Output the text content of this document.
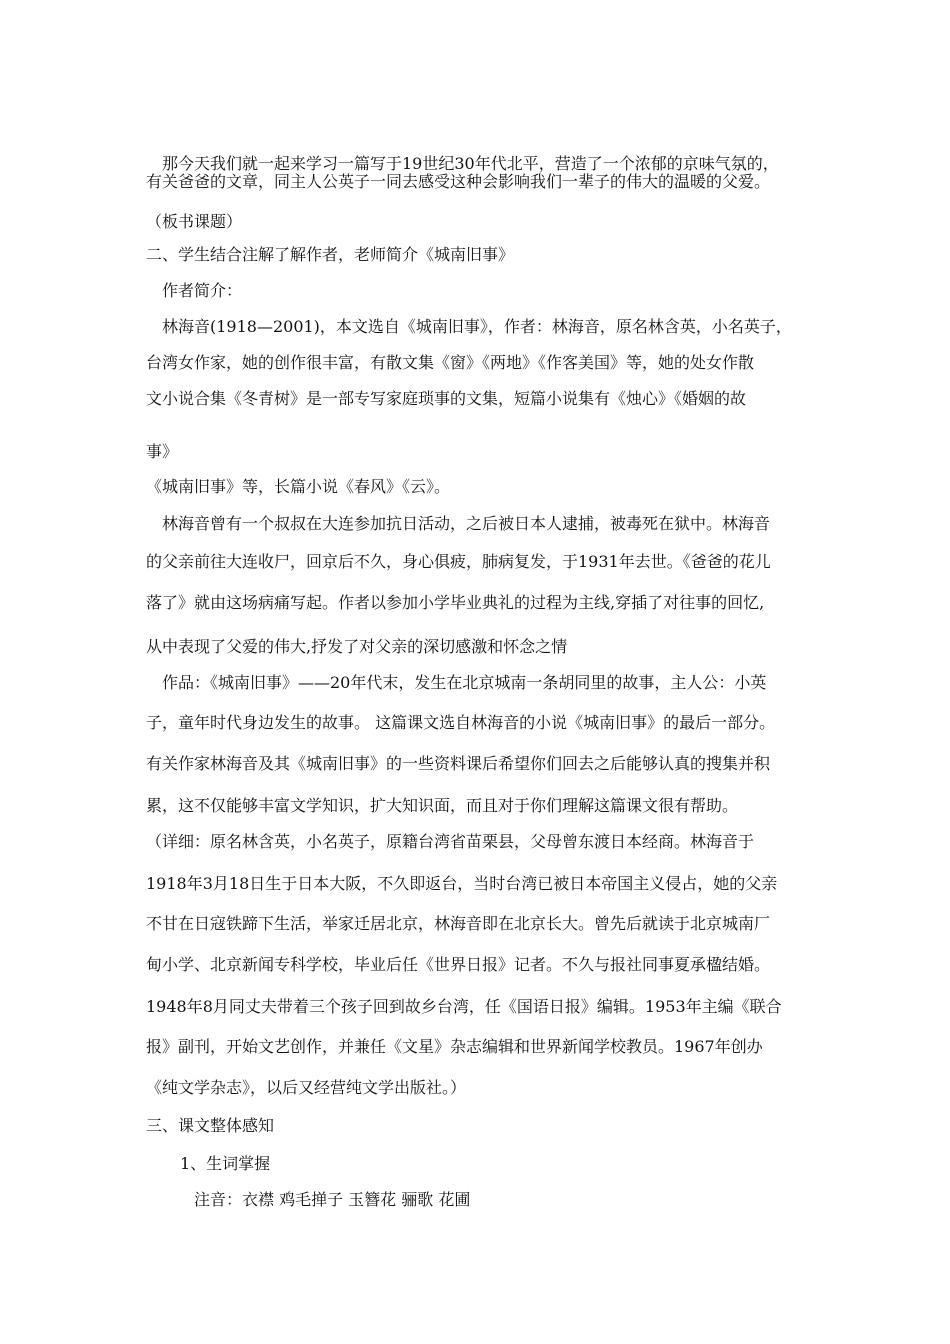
那今天我们就一起来学习一篇写于19世纪30年代北平，营造了一个浓郁的京味气氛的，
有关爸爸的文章，同主人公英子一同去感受这种会影响我们一辈子的伟大的温暖的父爱。
（板书课题）
二、学生结合注解了解作者，老师简介《城南旧事》
作者简介：
林海音(1918—2001)，本文选自《城南旧事》，作者：林海音，原名林含英，小名英子，
台湾女作家，她的创作很丰富，有散文集《窗》《两地》《作客美国》等，她的处女作散
文小说合集《冬青树》是一部专写家庭琐事的文集，短篇小说集有《烛心》《婚姻的故
事》
《城南旧事》等，长篇小说《春风》《云》。
林海音曾有一个叔叔在大连参加抗日活动，之后被日本人逮捕，被毒死在狱中。林海音
的父亲前往大连收尸，回京后不久，身心俱疲，肺病复发，于1931年去世。《爸爸的花儿
落了》就由这场病痛写起。作者以参加小学毕业典礼的过程为主线,穿插了对往事的回忆,
从中表现了父爱的伟大,抒发了对父亲的深切感激和怀念之情
作品：《城南旧事》——20年代末，发生在北京城南一条胡同里的故事，主人公：小英
子，童年时代身边发生的故事。 这篇课文选自林海音的小说《城南旧事》的最后一部分。
有关作家林海音及其《城南旧事》的一些资料课后希望你们回去之后能够认真的搜集并积
累，这不仅能够丰富文学知识，扩大知识面，而且对于你们理解这篇课文很有帮助。
（详细：原名林含英，小名英子，原籍台湾省苗栗县，父母曾东渡日本经商。林海音于
1918年3月18日生于日本大阪，不久即返台，当时台湾已被日本帝国主义侵占，她的父亲
不甘在日寇铁蹄下生活，举家迁居北京，林海音即在北京长大。曾先后就读于北京城南厂
甸小学、北京新闻专科学校，毕业后任《世界日报》记者。不久与报社同事夏承楹结婚。
1948年8月同丈夫带着三个孩子回到故乡台湾，任《国语日报》编辑。1953年主编《联合
报》副刊，开始文艺创作，并兼任《文星》杂志编辑和世界新闻学校教员。1967年创办
《纯文学杂志》，以后又经营纯文学出版社。）
三、课文整体感知
1、生词掌握
注音：衣襟 鸡毛掸子 玉簪花 骊歌 花圃
